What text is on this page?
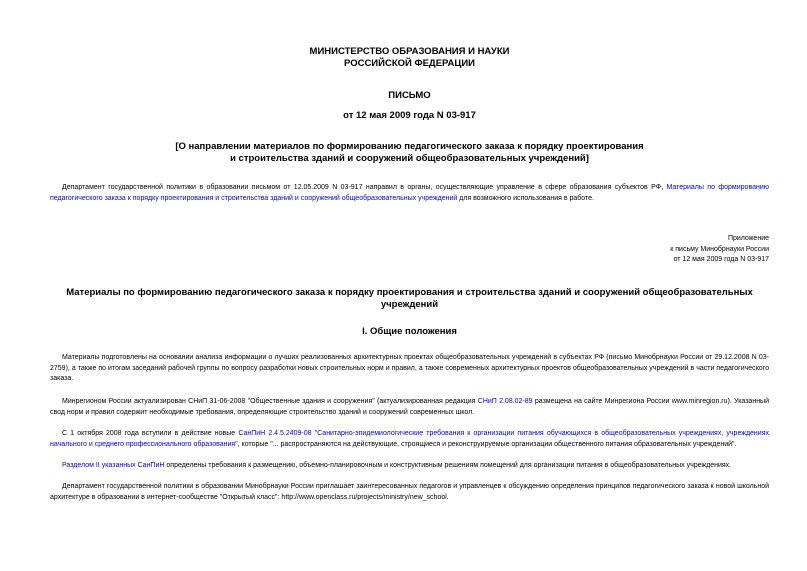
МИНИСТЕРСТВО ОБРАЗОВАНИЯ И НАУКИ
РОССИЙСКОЙ ФЕДЕРАЦИИ
ПИСЬМО
от 12 мая 2009 года N 03-917
[О направлении материалов по формированию педагогического заказа к порядку проектирования
и строительства зданий и сооружений общеобразовательных учреждений]

Департамент государственной политики в образовании письмом от 12.05.2009 N 03-917 направил в органы, осуществляющие управление в сфере образования субъектов РФ, Материалы по формированию педагогического заказа к порядку проектирования и строительства зданий и сооружений общеобразовательных учреждений для возможного использования в работе.

Приложение
к письму Минобрнауки России
от 12 мая 2009 года N 03-917
Материалы по формированию педагогического заказа к порядку проектирования и строительства зданий и сооружений общеобразовательных учреждений
I. Общие положения

Материалы подготовлены на основании анализа информации о лучших реализованных архитектурных проектах общеобразовательных учреждений в субъектах РФ (письмо Минобрнауки России от 29.12.2008 N 03-2759), а также по итогам заседаний рабочей группы по вопросу разработки новых строительных норм и правил, а также современных архитектурных проектов общеобразовательных учреждений в части педагогического заказа.

Минрегионом России актуализирован СНиП 31-06-2008 "Общественные здания и сооружения" (актуализированная редакция СНиП 2.08.02-89 размещена на сайте Минрегиона России www.minregion.ru). Указанный свод норм и правил содержит необходимые требования, определяющие строительство зданий и сооружений современных школ.

С 1 октября 2008 года вступили в действие новые СанПиН 2.4.5.2409-08 "Санитарно-эпидемиологические требования к организации питания обучающихся в общеобразовательных учреждениях, учреждениях начального и среднего профессионального образования", которые "... распространяются на действующие, строящиеся и реконструируемые организации общественного питания образовательных учреждений".

Разделом II указанных СанПиН определены требования к размещению, объемно-планировочным и конструктивным решениям помещений для организации питания в общеобразовательных учреждениях.

Департамент государственной политики в образовании Минобрнауки России приглашает заинтересованных педагогов и управленцев к обсуждению определения принципов педагогического заказа к новой школьной архитектуре в образовании в интернет-сообществе "Открытый класс": http://www.openclass.ru/projects/ministry/new_school.
